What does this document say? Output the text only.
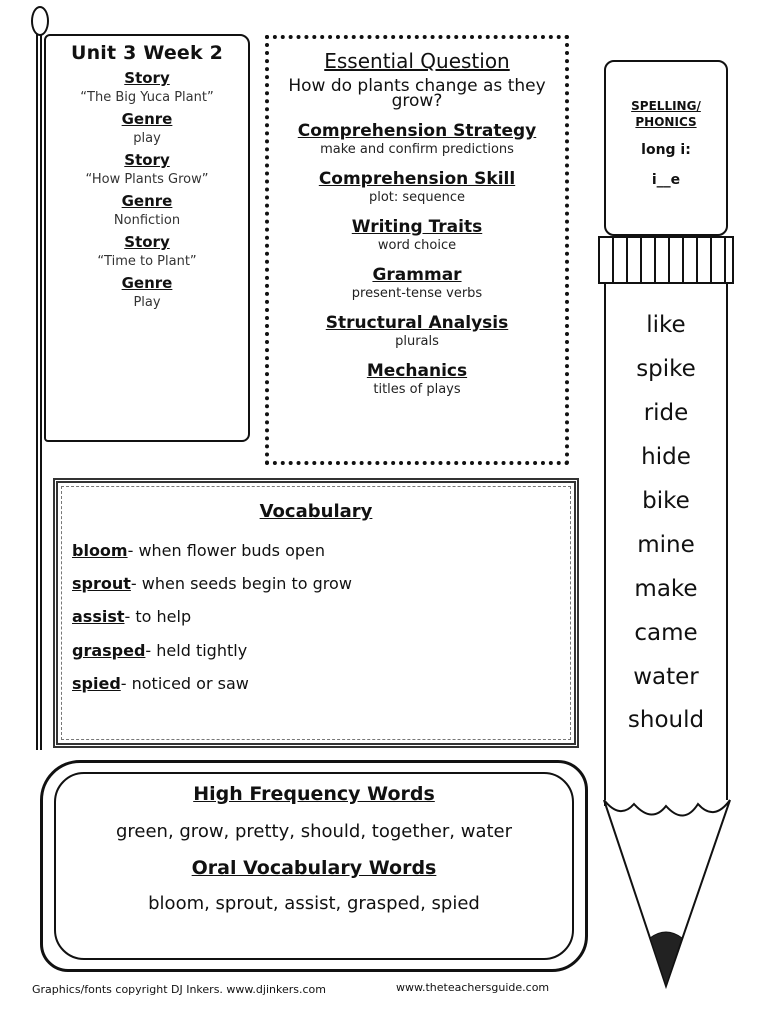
Unit 3 Week 2
Story
“The Big Yuca Plant”
Genre
play
Story
“How Plants Grow”
Genre
Nonfiction
Story
“Time to Plant”
Genre
Play
Essential Question
How do plants change as they grow?
Comprehension Strategy
make and confirm predictions
Comprehension Skill
plot: sequence
Writing Traits
word choice
Grammar
present-tense verbs
Structural Analysis
plurals
Mechanics
titles of plays
Vocabulary
bloom- when flower buds open
sprout- when seeds begin to grow
assist- to help
grasped- held tightly
spied- noticed or saw
High Frequency Words
green, grow, pretty, should, together, water
Oral Vocabulary Words
bloom, sprout, assist, grasped, spied
SPELLING/ PHONICS
long i:
i__e
like
spike
ride
hide
bike
mine
make
came
water
should
Graphics/fonts copyright DJ Inkers. www.djinkers.com	www.theteachersguide.com
